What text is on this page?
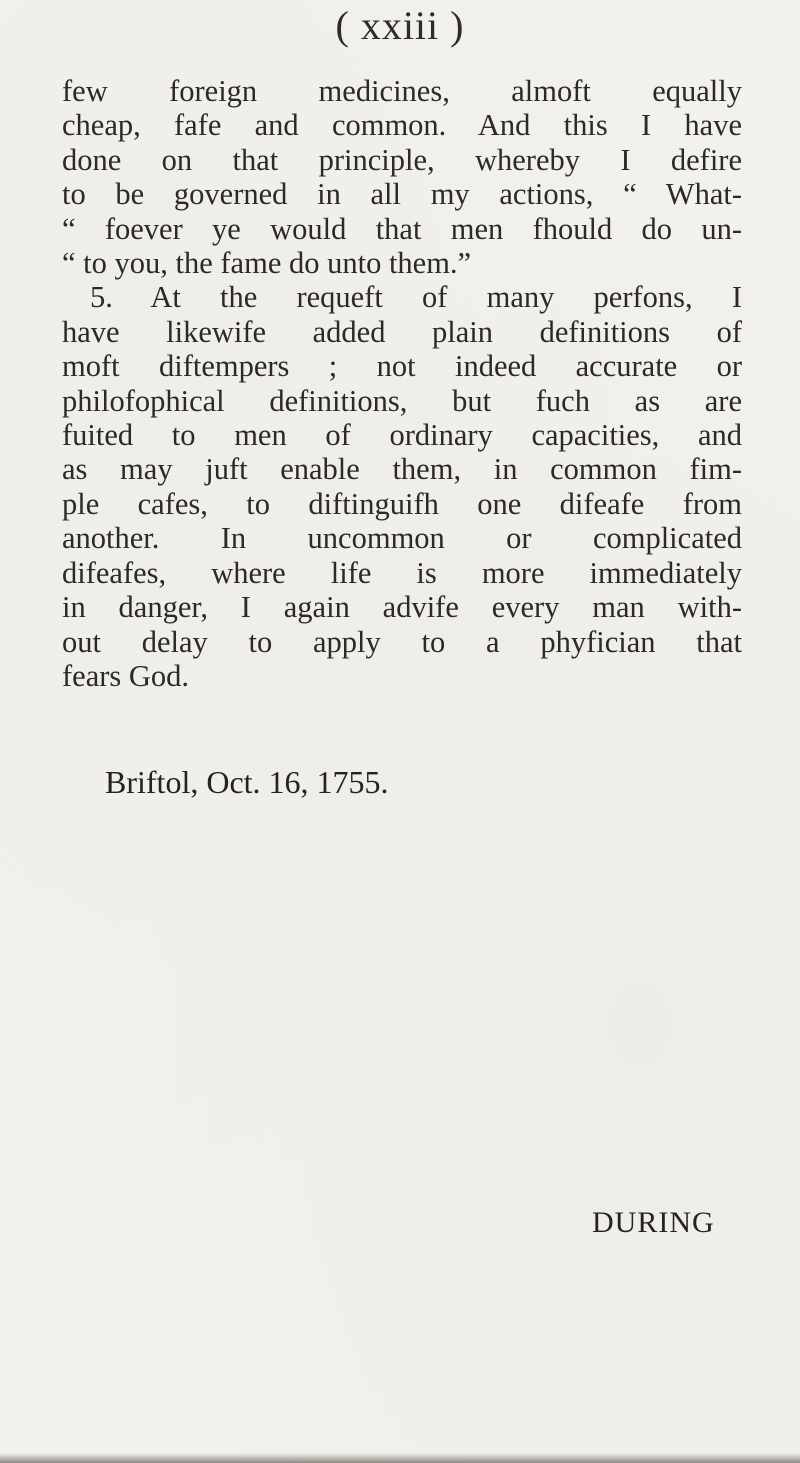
( xxiii )
few foreign medicines, almoft equally
cheap, fafe and common. And this I have
done on that principle, whereby I defire
to be governed in all my actions, “ What-
“ foever ye would that men fhould do un-
“ to you, the fame do unto them.”
5. At the requeft of many perfons, I
have likewife added plain definitions of
moft diftempers ; not indeed accurate or
philofophical definitions, but fuch as are
fuited to men of ordinary capacities, and
as may juft enable them, in common fim-
ple cafes, to diftinguifh one difeafe from
another. In uncommon or complicated
difeafes, where life is more immediately
in danger, I again advife every man with-
out delay to apply to a phyfician that
fears God.
Briftol, Oct. 16, 1755.
DURING
